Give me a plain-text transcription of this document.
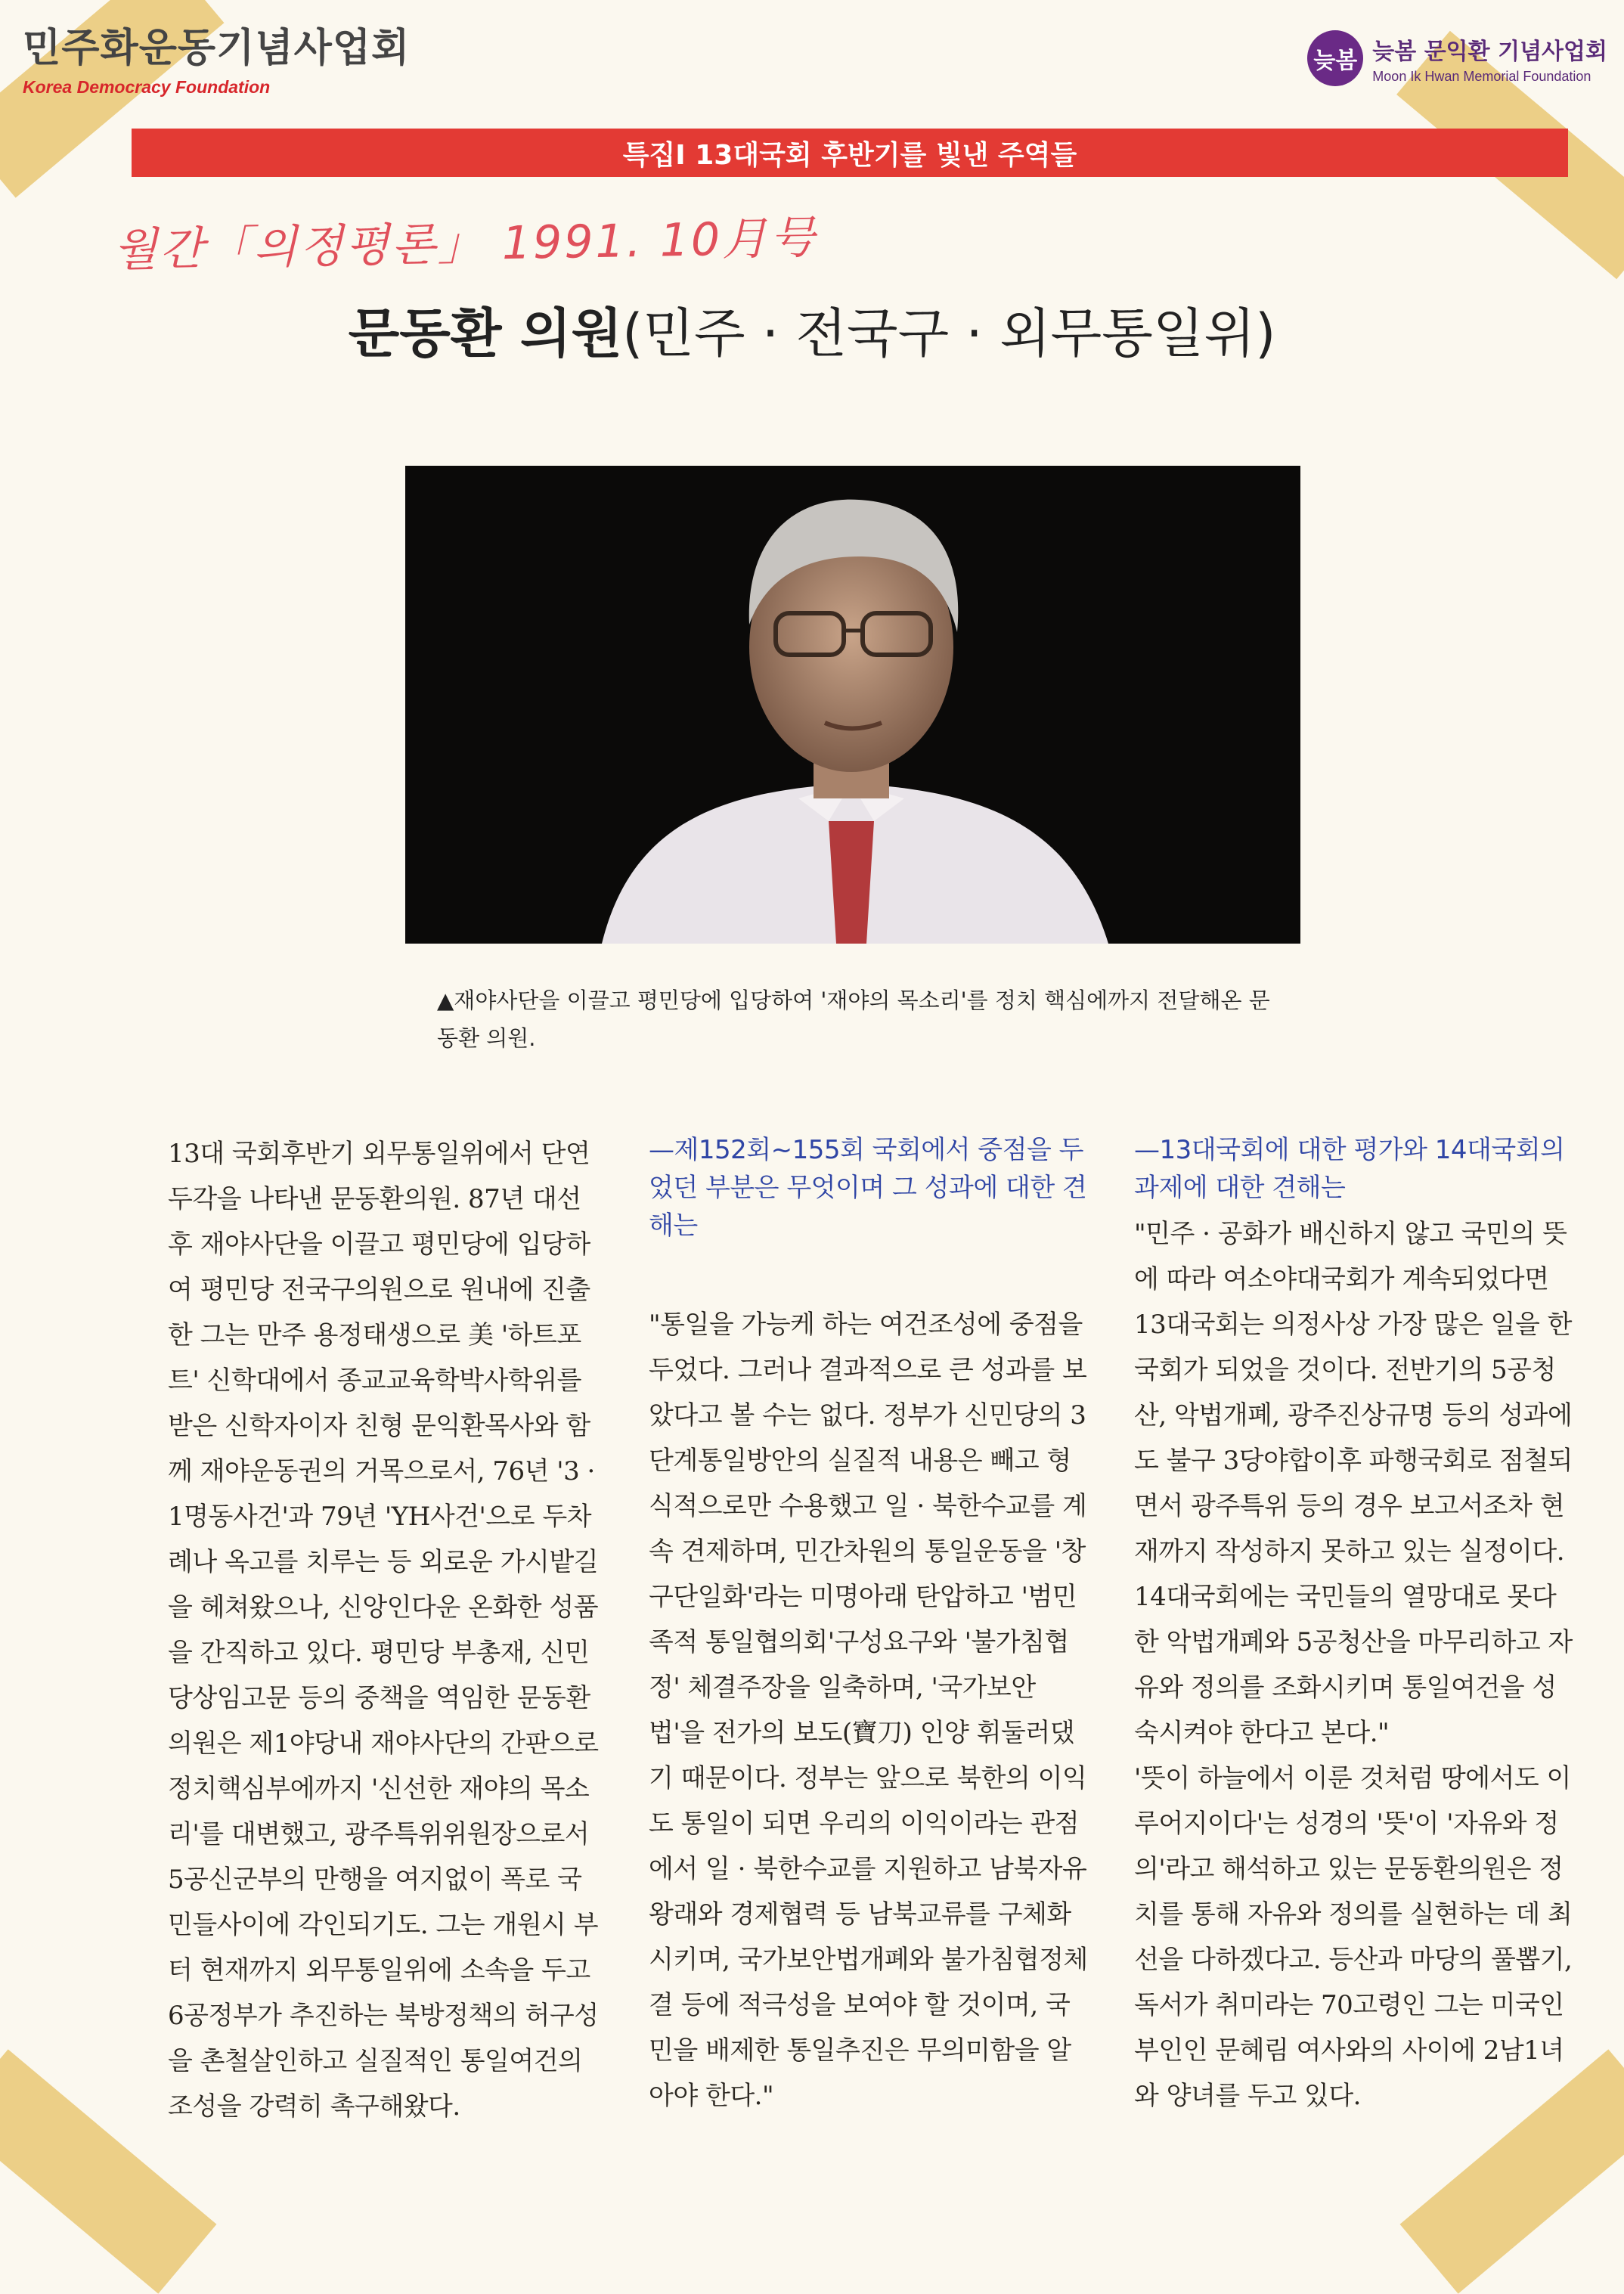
민주화운동기념사업회
Korea Democracy Foundation
늦봄 늦봄 문익환 기념사업회
Moon Ik Hwan Memorial Foundation
특집Ⅰ 13대국회 후반기를 빛낸 주역들
월간「의정평론」 1991. 10月号
문동환 의원(민주 · 전국구 · 외무통일위)
▲재야사단을 이끌고 평민당에 입당하여 '재야의 목소리'를 정치 핵심에까지 전달해온 문동환 의원.

13대 국회후반기 외무통일위에서 단연 두각을 나타낸 문동환의원. 87년 대선후 재야사단을 이끌고 평민당에 입당하여 평민당 전국구의원으로 원내에 진출한 그는 만주 용정태생으로 美 '하트포트' 신학대에서 종교교육학박사학위를 받은 신학자이자 친형 문익환목사와 함께 재야운동권의 거목으로서, 76년 '3 · 1명동사건'과 79년 'YH사건'으로 두차례나 옥고를 치루는 등 외로운 가시밭길을 헤쳐왔으나, 신앙인다운 온화한 성품을 간직하고 있다. 평민당 부총재, 신민당상임고문 등의 중책을 역임한 문동환의원은 제1야당내 재야사단의 간판으로 정치핵심부에까지 '신선한 재야의 목소리'를 대변했고, 광주특위위원장으로서 5공신군부의 만행을 여지없이 폭로 국민들사이에 각인되기도. 그는 개원시 부터 현재까지 외무통일위에 소속을 두고 6공정부가 추진하는 북방정책의 허구성을 촌철살인하고 실질적인 통일여건의 조성을 강력히 촉구해왔다.

—제152회~155회 국회에서 중점을 두었던 부분은 무엇이며 그 성과에 대한 견해는

"통일을 가능케 하는 여건조성에 중점을 두었다. 그러나 결과적으로 큰 성과를 보았다고 볼 수는 없다. 정부가 신민당의 3단계통일방안의 실질적 내용은 빼고 형식적으로만 수용했고 일 · 북한수교를 계속 견제하며, 민간차원의 통일운동을 '창구단일화'라는 미명아래 탄압하고 '범민족적 통일협의회'구성요구와 '불가침협정' 체결주장을 일축하며, '국가보안법'을 전가의 보도(寶刀) 인양 휘둘러댔기 때문이다. 정부는 앞으로 북한의 이익도 통일이 되면 우리의 이익이라는 관점에서 일 · 북한수교를 지원하고 남북자유왕래와 경제협력 등 남북교류를 구체화시키며, 국가보안법개폐와 불가침협정체결 등에 적극성을 보여야 할 것이며, 국민을 배제한 통일추진은 무의미함을 알아야 한다."

—13대국회에 대한 평가와 14대국회의 과제에 대한 견해는

"민주 · 공화가 배신하지 않고 국민의 뜻에 따라 여소야대국회가 계속되었다면 13대국회는 의정사상 가장 많은 일을 한 국회가 되었을 것이다. 전반기의 5공청산, 악법개폐, 광주진상규명 등의 성과에도 불구 3당야합이후 파행국회로 점철되면서 광주특위 등의 경우 보고서조차 현재까지 작성하지 못하고 있는 실정이다. 14대국회에는 국민들의 열망대로 못다한 악법개폐와 5공청산을 마무리하고 자유와 정의를 조화시키며 통일여건을 성숙시켜야 한다고 본다."

'뜻이 하늘에서 이룬 것처럼 땅에서도 이루어지이다'는 성경의 '뜻'이 '자유와 정의'라고 해석하고 있는 문동환의원은 정치를 통해 자유와 정의를 실현하는 데 최선을 다하겠다고. 등산과 마당의 풀뽑기, 독서가 취미라는 70고령인 그는 미국인부인인 문혜림 여사와의 사이에 2남1녀와 양녀를 두고 있다.
